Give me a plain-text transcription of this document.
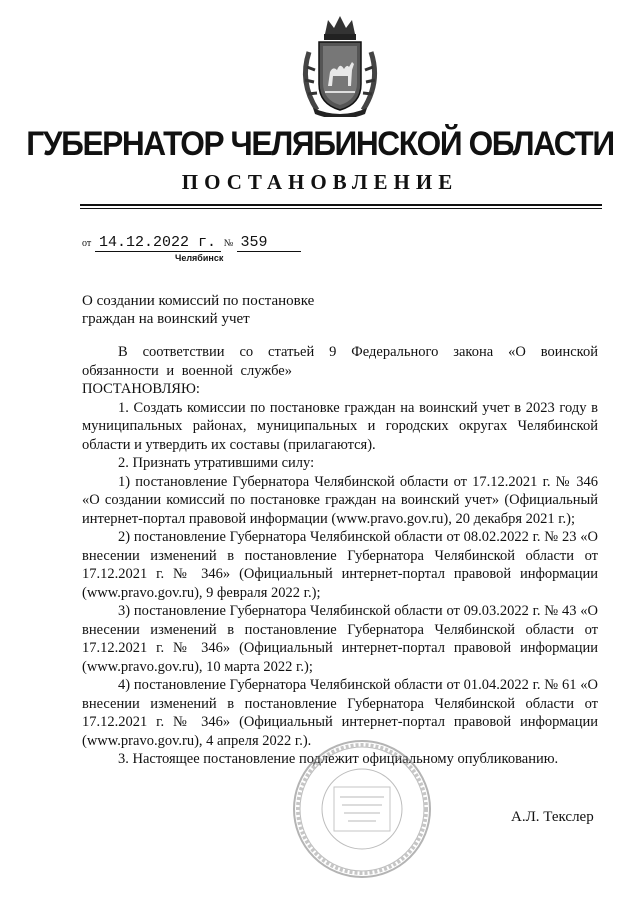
ГУБЕРНАТОР ЧЕЛЯБИНСКОЙ ОБЛАСТИ
ПОСТАНОВЛЕНИЕ
от 14.12.2022 г. № 359
Челябинск
О создании комиссий по постановке
граждан на воинский учет

В соответствии со статьей 9 Федерального закона «О воинской обязанности и военной службе»

ПОСТАНОВЛЯЮ:

1. Создать комиссии по постановке граждан на воинский учет в 2023 году в муниципальных районах, муниципальных и городских округах Челябинской области и утвердить их составы (прилагаются).

2. Признать утратившими силу:

1) постановление Губернатора Челябинской области от 17.12.2021 г. № 346 «О создании комиссий по постановке граждан на воинский учет» (Официальный интернет-портал правовой информации (www.pravo.gov.ru), 20 декабря 2021 г.);

2) постановление Губернатора Челябинской области от 08.02.2022 г. № 23 «О внесении изменений в постановление Губернатора Челябинской области от 17.12.2021 г. № 346» (Официальный интернет-портал правовой информации (www.pravo.gov.ru), 9 февраля 2022 г.);

3) постановление Губернатора Челябинской области от 09.03.2022 г. № 43 «О внесении изменений в постановление Губернатора Челябинской области от 17.12.2021 г. № 346» (Официальный интернет-портал правовой информации (www.pravo.gov.ru), 10 марта 2022 г.);

4) постановление Губернатора Челябинской области от 01.04.2022 г. № 61 «О внесении изменений в постановление Губернатора Челябинской области от 17.12.2021 г. № 346» (Официальный интернет-портал правовой информации (www.pravo.gov.ru), 4 апреля 2022 г.).

3. Настоящее постановление подлежит официальному опубликованию.

А.Л. Текслер
